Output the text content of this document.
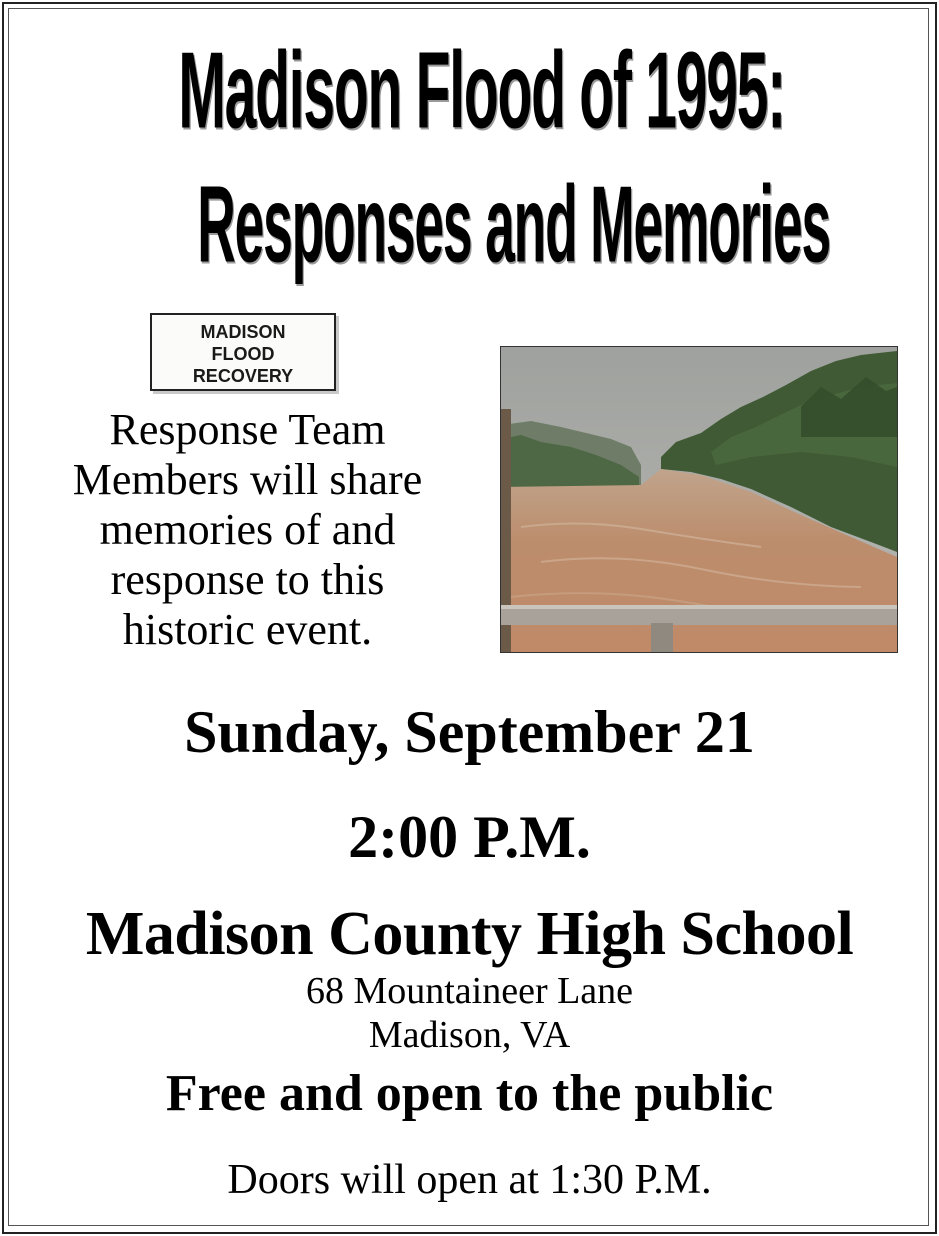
Madison Flood of 1995:
Responses and Memories
MADISON
FLOOD
RECOVERY

Response Team
Members will share
memories of and
response to this
historic event.

Sunday, September 21

2:00 P.M.

Madison County High School

68 Mountaineer Lane

Madison, VA

Free and open to the public

Doors will open at 1:30 P.M.
